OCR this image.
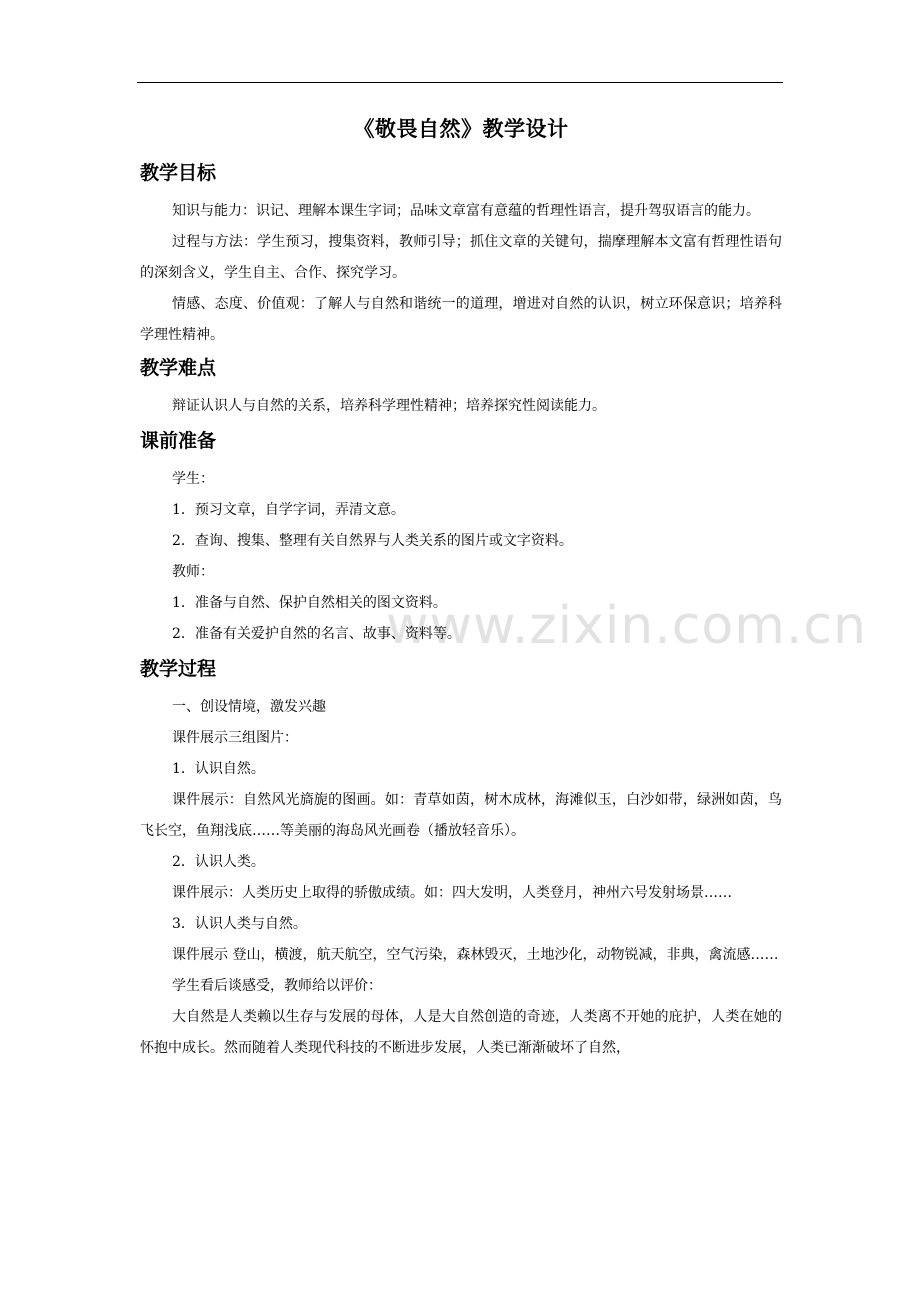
www.zixin.com.cn
《敬畏自然》教学设计
教学目标

知识与能力：识记、理解本课生字词；品味文章富有意蕴的哲理性语言，提升驾驭语言的能力。

过程与方法：学生预习，搜集资料，教师引导；抓住文章的关键句，揣摩理解本文富有哲理性语句的深刻含义，学生自主、合作、探究学习。

情感、态度、价值观：了解人与自然和谐统一的道理，增进对自然的认识，树立环保意识；培养科学理性精神。

教学难点

辩证认识人与自然的关系，培养科学理性精神；培养探究性阅读能力。

课前准备

学生：

1．预习文章，自学字词，弄清文意。

2．查询、搜集、整理有关自然界与人类关系的图片或文字资料。

教师：

1．准备与自然、保护自然相关的图文资料。

2．准备有关爱护自然的名言、故事、资料等。

教学过程

一、创设情境，激发兴趣

课件展示三组图片：

1．认识自然。

课件展示：自然风光旖旎的图画。如：青草如茵，树木成林，海滩似玉，白沙如带，绿洲如茵，鸟飞长空，鱼翔浅底……等美丽的海岛风光画卷（播放轻音乐）。

2．认识人类。

课件展示：人类历史上取得的骄傲成绩。如：四大发明，人类登月，神州六号发射场景……

3．认识人类与自然。

课件展示 登山，横渡，航天航空，空气污染，森林毁灭，土地沙化，动物锐减，非典，禽流感……

学生看后谈感受，教师给以评价：

大自然是人类赖以生存与发展的母体，人是大自然创造的奇迹，人类离不开她的庇护，人类在她的怀抱中成长。然而随着人类现代科技的不断进步发展，人类已渐渐破坏了自然，
